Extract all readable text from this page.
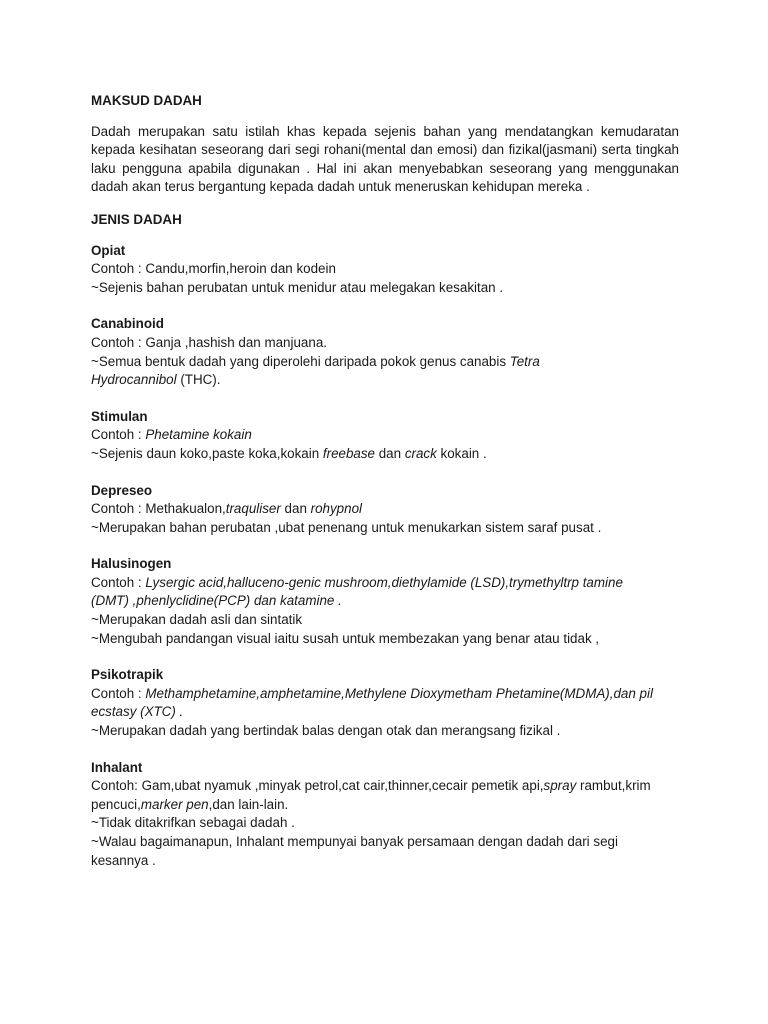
MAKSUD DADAH
Dadah merupakan satu istilah khas kepada sejenis bahan yang mendatangkan kemudaratan kepada kesihatan seseorang dari segi rohani(mental dan emosi) dan fizikal(jasmani) serta tingkah laku pengguna apabila digunakan . Hal ini akan menyebabkan seseorang yang menggunakan dadah akan terus bergantung kepada dadah untuk meneruskan kehidupan mereka .
JENIS DADAH
Opiat
Contoh : Candu,morfin,heroin dan kodein
~Sejenis bahan perubatan untuk menidur atau melegakan kesakitan .
Canabinoid
Contoh : Ganja ,hashish dan manjuana.
~Semua bentuk dadah yang diperolehi daripada pokok genus canabis Tetra
Hydrocannibol (THC).
Stimulan
Contoh : Phetamine kokain
~Sejenis daun koko,paste koka,kokain freebase dan crack kokain .
Depreseo
Contoh : Methakualon,traquliser dan rohypnol
~Merupakan bahan perubatan ,ubat penenang untuk menukarkan sistem saraf pusat .
Halusinogen
Contoh : Lysergic acid,halluceno-genic mushroom,diethylamide (LSD),trymethyltrp tamine
(DMT) ,phenlyclidine(PCP) dan katamine .
~Merupakan dadah asli dan sintatik
~Mengubah pandangan visual iaitu susah untuk membezakan yang benar atau tidak ,
Psikotrapik
Contoh : Methamphetamine,amphetamine,Methylene Dioxymetham Phetamine(MDMA),dan pil
ecstasy (XTC) .
~Merupakan dadah yang bertindak balas dengan otak dan merangsang fizikal .
Inhalant
Contoh: Gam,ubat nyamuk ,minyak petrol,cat cair,thinner,cecair pemetik api,spray rambut,krim
pencuci,marker pen,dan lain-lain.
~Tidak ditakrifkan sebagai dadah .
~Walau bagaimanapun, Inhalant mempunyai banyak persamaan dengan dadah dari segi
kesannya .
